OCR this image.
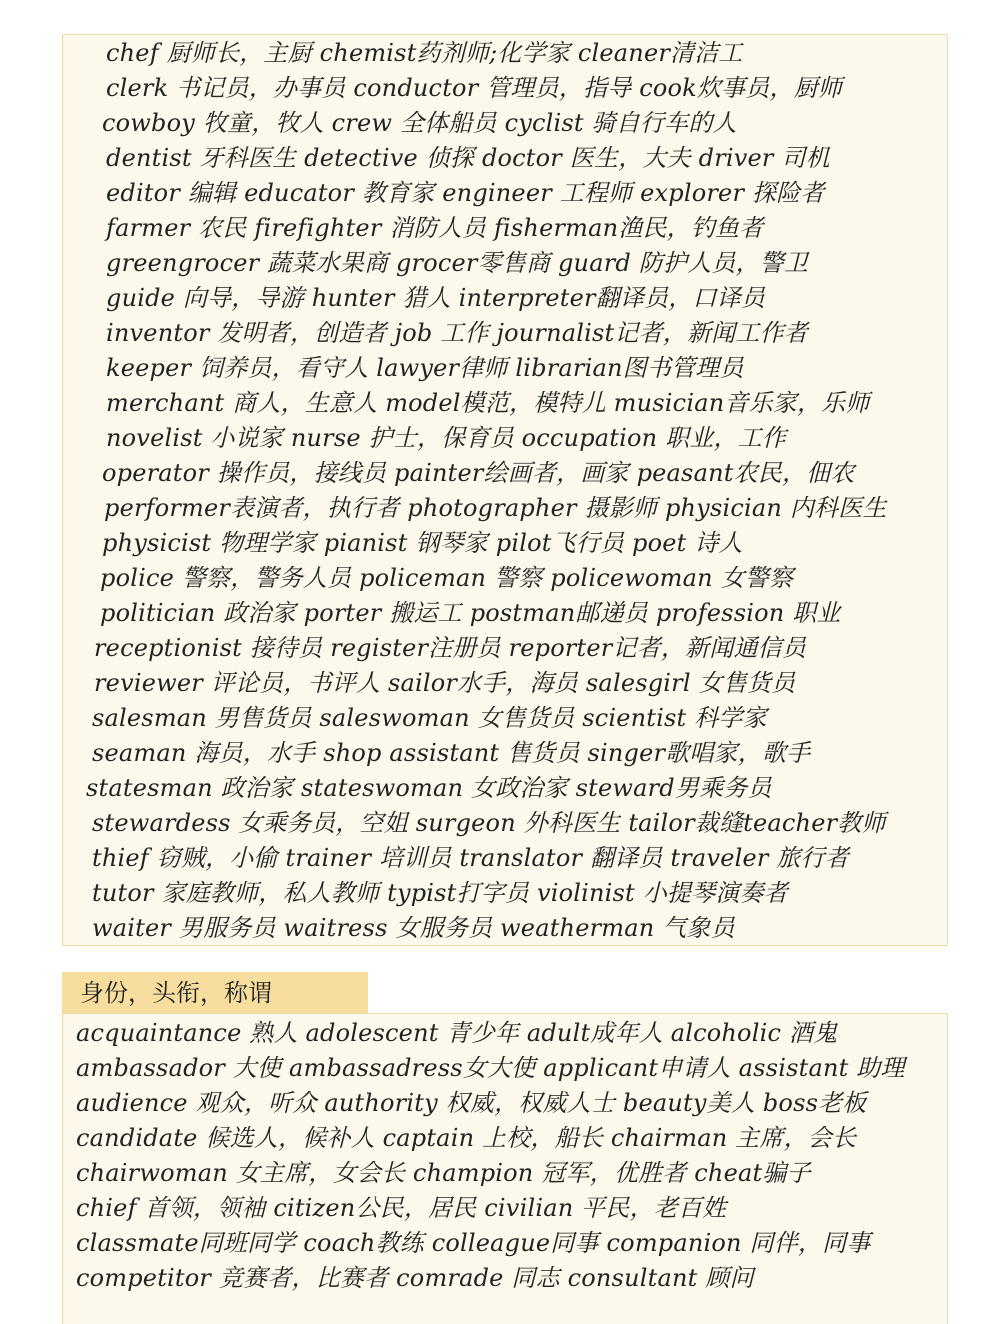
chef 厨师长，主厨 chemist药剂师;化学家 cleaner清洁工
clerk 书记员，办事员 conductor 管理员，指导 cook炊事员，厨师
cowboy 牧童，牧人 crew 全体船员 cyclist 骑自行车的人
dentist 牙科医生 detective 侦探 doctor 医生，大夫 driver 司机
editor 编辑 educator 教育家 engineer 工程师 explorer 探险者
farmer 农民 firefighter 消防人员 fisherman渔民，钓鱼者
greengrocer 蔬菜水果商 grocer零售商 guard 防护人员，警卫
guide 向导，导游 hunter 猎人 interpreter翻译员，口译员
inventor 发明者，创造者 job 工作 journalist记者，新闻工作者
keeper 饲养员，看守人 lawyer律师 librarian图书管理员
merchant 商人，生意人 model模范，模特儿 musician音乐家，乐师
novelist 小说家 nurse 护士，保育员 occupation 职业，工作
operator 操作员，接线员 painter绘画者，画家 peasant农民，佃农
performer表演者，执行者 photographer 摄影师 physician 内科医生
physicist 物理学家 pianist 钢琴家 pilot飞行员 poet 诗人
police 警察，警务人员 policeman 警察 policewoman 女警察
politician 政治家 porter 搬运工 postman邮递员 profession 职业
receptionist 接待员 register注册员 reporter记者，新闻通信员
reviewer 评论员，书评人 sailor水手，海员 salesgirl 女售货员
salesman 男售货员 saleswoman 女售货员 scientist 科学家
seaman 海员，水手 shop assistant 售货员 singer歌唱家，歌手
statesman 政治家 stateswoman 女政治家 steward男乘务员
stewardess 女乘务员，空姐 surgeon 外科医生 tailor裁缝teacher教师
thief 窃贼，小偷 trainer 培训员 translator 翻译员 traveler 旅行者
tutor 家庭教师，私人教师 typist打字员 violinist 小提琴演奏者
waiter 男服务员 waitress 女服务员 weatherman 气象员
身份，头衔，称谓
acquaintance 熟人 adolescent 青少年 adult成年人 alcoholic 酒鬼
ambassador 大使 ambassadress女大使 applicant申请人 assistant 助理
audience 观众，听众 authority 权威，权威人士 beauty美人 boss老板
candidate 候选人，候补人 captain 上校，船长 chairman 主席，会长
chairwoman 女主席，女会长 champion 冠军，优胜者 cheat骗子
chief 首领，领袖 citizen公民，居民 civilian 平民，老百姓
classmate同班同学 coach教练 colleague同事 companion 同伴，同事
competitor 竞赛者，比赛者 comrade 同志 consultant 顾问
